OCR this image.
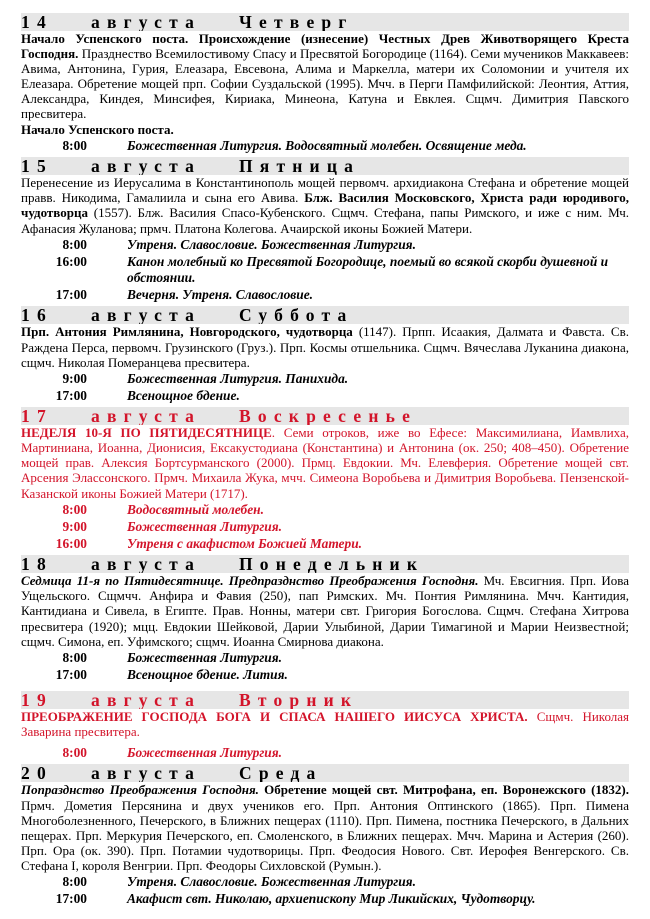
14 августа Четверг
Начало Успенского поста. Происхождение (изнесение) Честных Древ Животворящего Креста Господня. Празднество Всемилостивому Спасу и Пресвятой Богородице (1164). Семи мучеников Маккавеев: Авима, Антонина, Гурия, Елеазара, Евсевона, Алима и Маркелла, матери их Соломонии и учителя их Елеазара. Обретение мощей прп. Софии Суздальской (1995). Мчч. в Перги Памфилийской: Леонтия, Аттия, Александра, Киндея, Минсифея, Кириака, Минеона, Катуна и Евклея. Сщмч. Димитрия Павского пресвитера.
Начало Успенского поста.
8:00	Божественная Литургия. Водосвятный молебен. Освящение меда.
15 августа Пятница
Перенесение из Иерусалима в Константинополь мощей первомч. архидиакона Стефана и обретение мощей правв. Никодима, Гамалиила и сына его Авива. Блж. Василия Московского, Христа ради юродивого, чудотворца (1557). Блж. Василия Спасо-Кубенского. Сщмч. Стефана, папы Римского, и иже с ним. Мч. Афанасия Жуланова; прмч. Платона Колегова. Ачаирской иконы Божией Матери.
8:00	Утреня. Славословие. Божественная Литургия.
16:00	Канон молебный ко Пресвятой Богородице, поемый во всякой скорби душевной и обстоянии.
17:00	Вечерня. Утреня. Славословие.
16 августа Суббота
Прп. Антония Римлянина, Новгородского, чудотворца (1147). Прпп. Исаакия, Далмата и Фавста. Св. Раждена Перса, первомч. Грузинского (Груз.). Прп. Космы отшельника. Сщмч. Вячеслава Луканина диакона, сщмч. Николая Померанцева пресвитера.
9:00	Божественная Литургия. Панихида.
17:00	Всенощное бдение.
17 августа Воскресенье
НЕДЕЛЯ 10-Я ПО ПЯТИДЕСЯТНИЦЕ. Семи отроков, иже во Ефесе: Максимилиана, Иамвлиха, Мартиниана, Иоанна, Дионисия, Ексакустодиана (Константина) и Антонина (ок. 250; 408–450). Обретение мощей прав. Алексия Бортсурманского (2000). Прмц. Евдокии. Мч. Елевферия. Обретение мощей свт. Арсения Элассонского. Прмч. Михаила Жука, мчч. Симеона Воробьева и Димитрия Воробьева. Пензенской-Казанской иконы Божией Матери (1717).
8:00	Водосвятный молебен.
9:00	Божественная Литургия.
16:00	Утреня с акафистом Божией Матери.
18 августа Понедельник
Седмица 11-я по Пятидесятнице. Предпразднство Преображения Господня. Мч. Евсигния. Прп. Иова Ущельского. Сщмчч. Анфира и Фавия (250), пап Римских. Мч. Понтия Римлянина. Мчч. Кантидия, Кантидиана и Сивела, в Египте. Прав. Нонны, матери свт. Григория Богослова. Сщмч. Стефана Хитрова пресвитера (1920); мцц. Евдокии Шейковой, Дарии Улыбиной, Дарии Тимагиной и Марии Неизвестной; сщмч. Симона, еп. Уфимского; сщмч. Иоанна Смирнова диакона.
8:00	Божественная Литургия.
17:00	Всенощное бдение. Лития.
19 августа Вторник
ПРЕОБРАЖЕНИЕ ГОСПОДА БОГА И СПАСА НАШЕГО ИИСУСА ХРИСТА. Сщмч. Николая Заварина пресвитера.
8:00	Божественная Литургия.
20 августа Среда
Попразднство Преображения Господня. Обретение мощей свт. Митрофана, еп. Воронежского (1832). Прмч. Дометия Персянина и двух учеников его. Прп. Антония Оптинского (1865). Прп. Пимена Многоболезненного, Печерского, в Ближних пещерах (1110). Прп. Пимена, постника Печерского, в Дальних пещерах. Прп. Меркурия Печерского, еп. Смоленского, в Ближних пещерах. Мчч. Марина и Астерия (260). Прп. Ора (ок. 390). Прп. Потамии чудотворицы. Прп. Феодосия Нового. Свт. Иерофея Венгерского. Св. Стефана I, короля Венгрии. Прп. Феодоры Сихловской (Румын.).
8:00	Утреня. Славословие. Божественная Литургия.
17:00	Акафист свт. Николаю, архиепископу Мир Ликийских, Чудотворцу.
